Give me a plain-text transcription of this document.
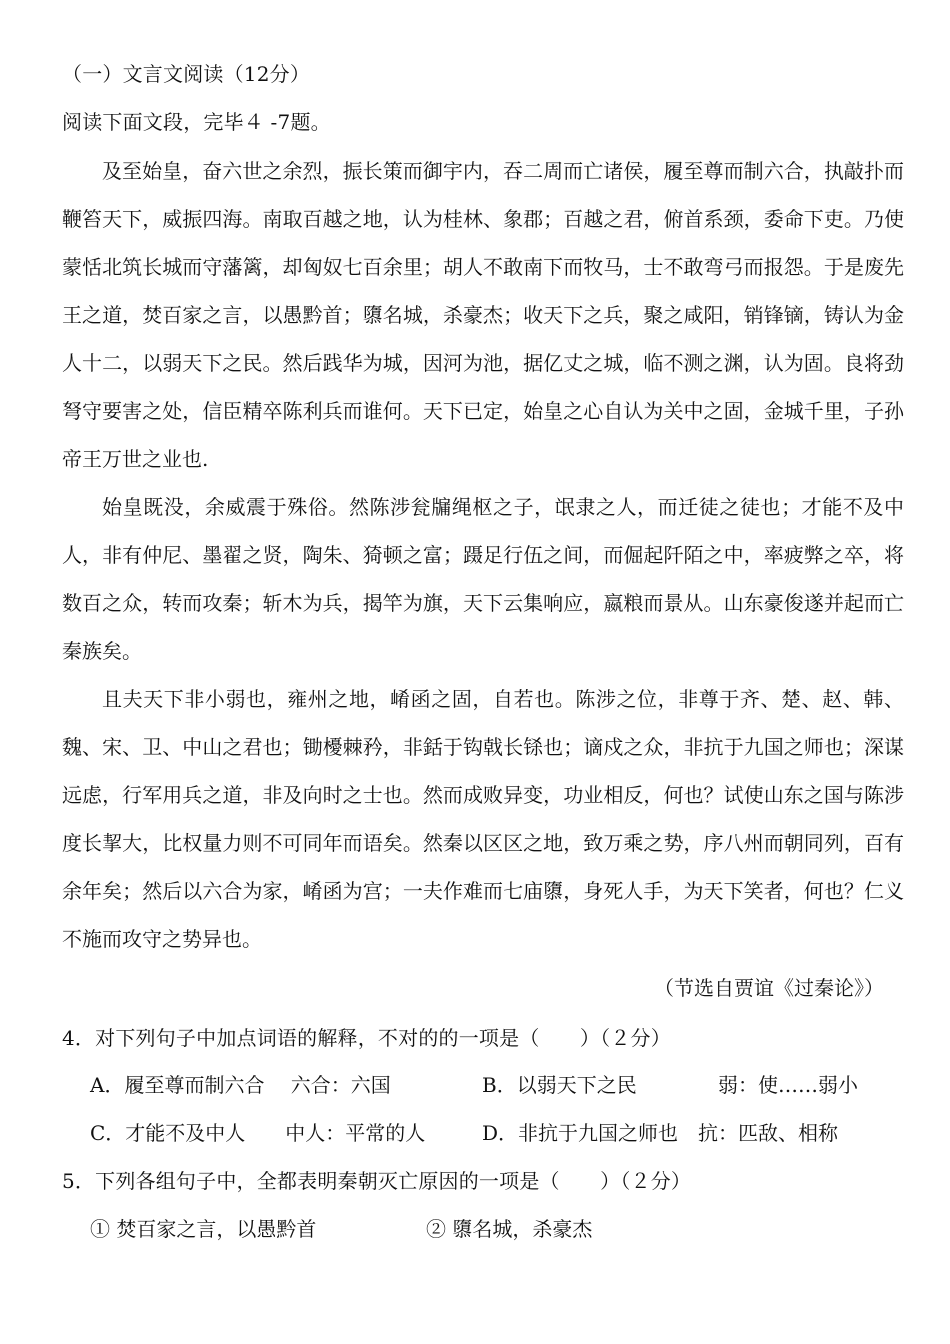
（一）文言文阅读（12分）
阅读下面文段，完毕４ -7题。

及至始皇，奋六世之余烈，振长策而御宇内，吞二周而亡诸侯，履至尊而制六合，执敲扑而鞭笞天下，威振四海。南取百越之地，认为桂林、象郡；百越之君，俯首系颈，委命下吏。乃使蒙恬北筑长城而守藩篱，却匈奴七百余里；胡人不敢南下而牧马，士不敢弯弓而报怨。于是废先王之道，焚百家之言，以愚黔首；隳名城，杀豪杰；收天下之兵，聚之咸阳，销锋镝，铸认为金人十二，以弱天下之民。然后践华为城，因河为池，据亿丈之城，临不测之渊，认为固。良将劲弩守要害之处，信臣精卒陈利兵而谁何。天下已定，始皇之心自认为关中之固，金城千里，子孙帝王万世之业也.

始皇既没，余威震于殊俗。然陈涉瓮牖绳枢之子，氓隶之人，而迁徒之徒也；才能不及中人，非有仲尼、墨翟之贤，陶朱、猗顿之富；蹑足行伍之间，而倔起阡陌之中，率疲弊之卒，将数百之众，转而攻秦；斩木为兵，揭竿为旗，天下云集响应，嬴粮而景从。山东豪俊遂并起而亡秦族矣。

且夫天下非小弱也，雍州之地，崤函之固，自若也。陈涉之位，非尊于齐、楚、赵、韩、魏、宋、卫、中山之君也；锄櫌棘矜，非銛于钩戟长铩也；谪戍之众，非抗于九国之师也；深谋远虑，行军用兵之道，非及向时之士也。然而成败异变，功业相反，何也？试使山东之国与陈涉度长挈大，比权量力则不可同年而语矣。然秦以区区之地，致万乘之势，序八州而朝同列，百有余年矣；然后以六合为家，崤函为宫；一夫作难而七庙隳，身死人手，为天下笑者，何也？仁义不施而攻守之势异也。

（节选自贾谊《过秦论》）
4．对下列句子中加点词语的解释，不对的的一项是（　　）（２分）
A．履至尊而制六合　 六合：六国	B．以弱天下之民	弱：使……弱小
C．才能不及中人　　中人：平常的人	D．非抗于九国之师也　抗：匹敌、相称
5．下列各组句子中，全都表明秦朝灭亡原因的一项是（　　）（２分）
① 焚百家之言，以愚黔首	② 隳名城，杀豪杰
